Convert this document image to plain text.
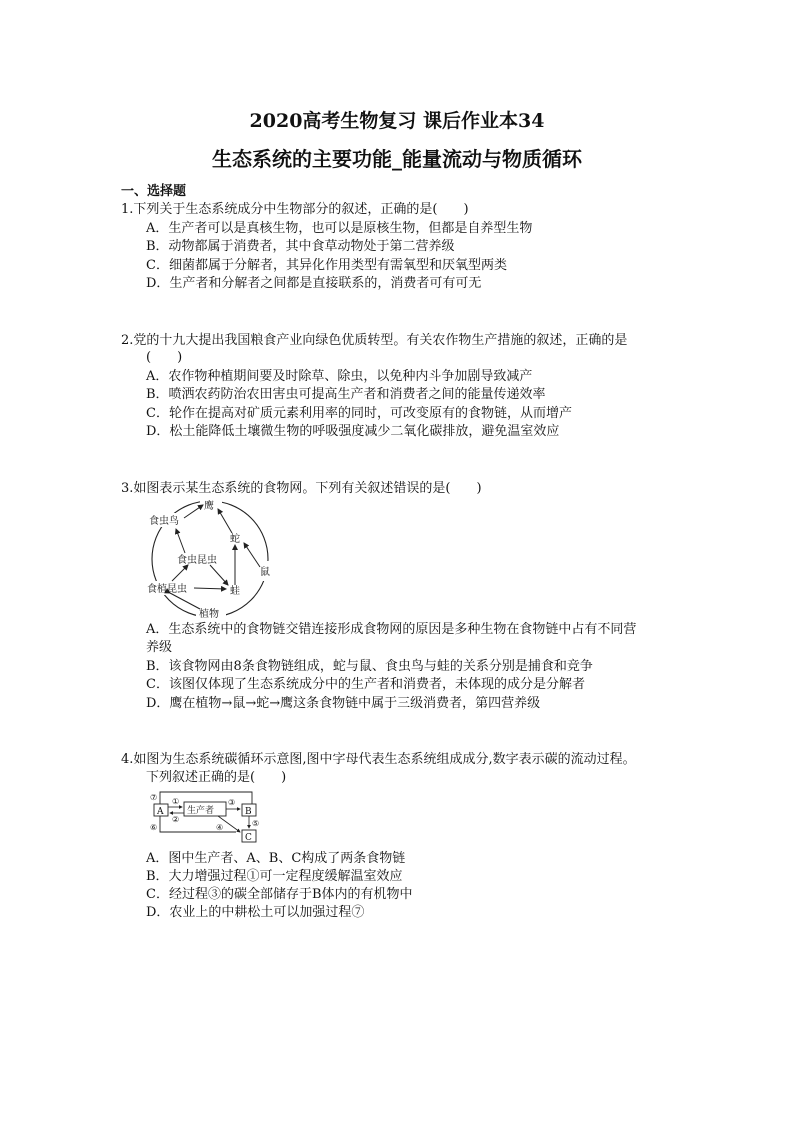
2020高考生物复习 课后作业本34
生态系统的主要功能_能量流动与物质循环
一、选择题
1.下列关于生态系统成分中生物部分的叙述，正确的是(　　)
A．生产者可以是真核生物，也可以是原核生物，但都是自养型生物
B．动物都属于消费者，其中食草动物处于第二营养级
C．细菌都属于分解者，其异化作用类型有需氧型和厌氧型两类
D．生产者和分解者之间都是直接联系的，消费者可有可无
2.党的十九大提出我国粮食产业向绿色优质转型。有关农作物生产措施的叙述，正确的是
(　　)
A．农作物种植期间要及时除草、除虫，以免种内斗争加剧导致减产
B．喷洒农药防治农田害虫可提高生产者和消费者之间的能量传递效率
C．轮作在提高对矿质元素利用率的同时，可改变原有的食物链，从而增产
D．松土能降低土壤微生物的呼吸强度减少二氧化碳排放，避免温室效应
3.如图表示某生态系统的食物网。下列有关叙述错误的是(　　)
鹰
食虫鸟
蛇
食虫昆虫
鼠
食植昆虫	蛙
植物
A．生态系统中的食物链交错连接形成食物网的原因是多种生物在食物链中占有不同营
养级
B．该食物网由8条食物链组成，蛇与鼠、食虫鸟与蛙的关系分别是捕食和竞争
C．该图仅体现了生态系统成分中的生产者和消费者，未体现的成分是分解者
D．鹰在植物→鼠→蛇→鹰这条食物链中属于三级消费者，第四营养级
4.如图为生态系统碳循环示意图,图中字母代表生态系统组成成分,数字表示碳的流动过程。
下列叙述正确的是(　　)
A	生产者	B
C
⑦ ①
②
③
④	⑤
⑥
A．图中生产者、A、B、C构成了两条食物链
B．大力增强过程①可一定程度缓解温室效应
C．经过程③的碳全部储存于B体内的有机物中
D．农业上的中耕松土可以加强过程⑦
